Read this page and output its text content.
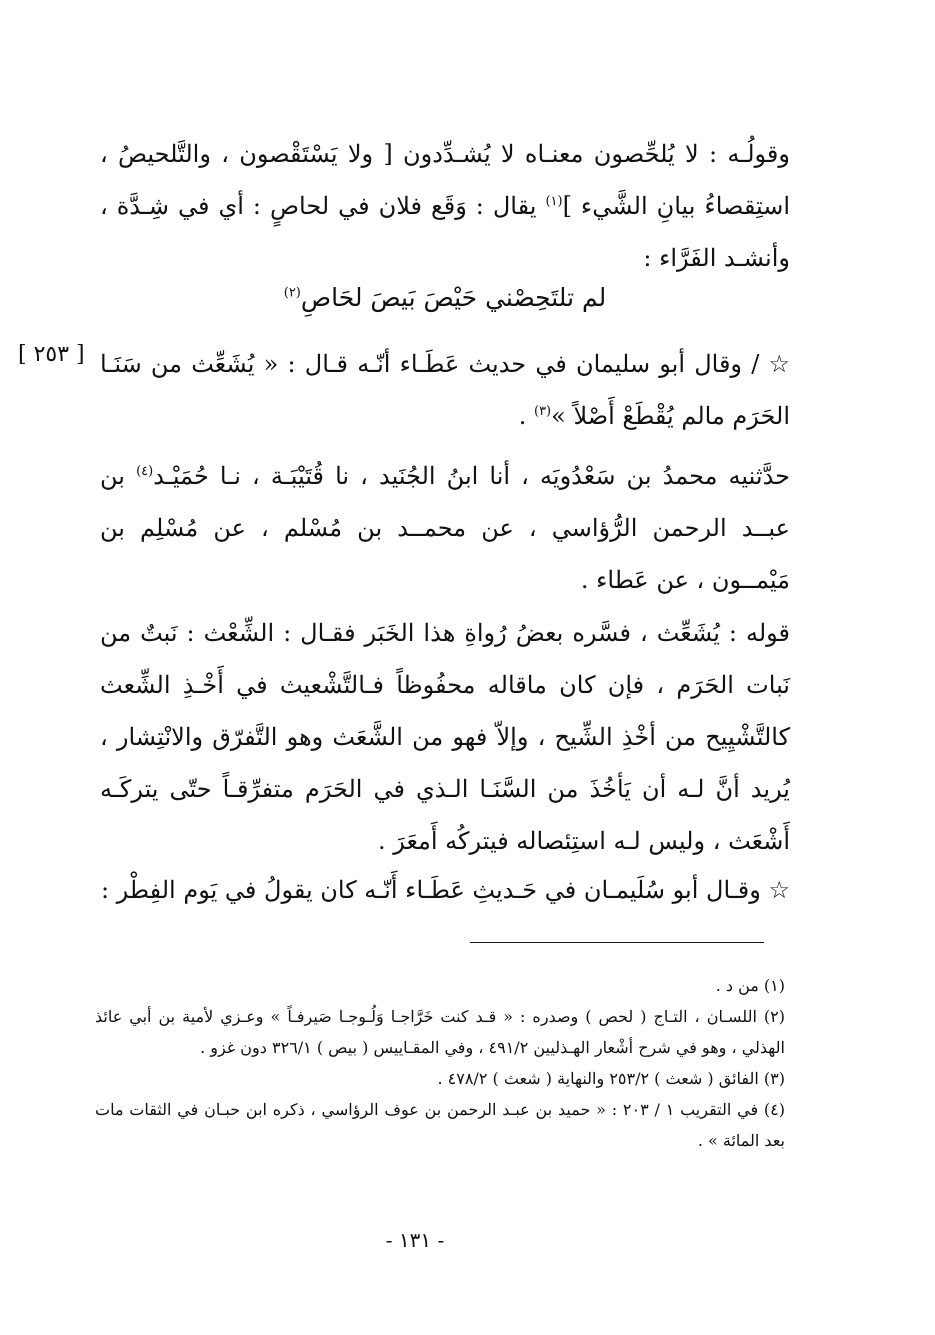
وقولُـه : لا يُلحِّصون معنـاه لا يُشـدِّدون [ ولا يَسْتَقْصون ، والتَّلحيصُ ، استِقصاءُ بيانِ الشَّيء ]$^{(١)}$ يقال : وَقَع فلان في لحاصٍ : أي في شِـدَّة ، وأنشـد الفَرَّاء :

لم تلتَحِصْني حَيْصَ بَيصَ لحَاصِ$^{(٢)}$
[ ٢٥٣ ] ☆ / وقال أبو سليمان في حديث عَطَـاء أنّـه قـال : « يُشَعِّث من سَنَـا الحَرَم مالم يُقْطَعْ أَصْلاً »$^{(٣)}$ .

حدَّثنيه محمدُ بن سَعْدُويَه ، أنا ابنُ الجُنَيد ، نا قُتَيْبَـة ، نـا حُمَيْـد$^{(٤)}$ بن عبــد الرحمن الرُّؤاسي ، عن محمــد بن مُسْلم ، عن مُسْلِم بن مَيْمــون ، عن عَطاء .

قوله : يُشَعِّث ، فسَّره بعضُ رُواةِ هذا الخَبَر فقـال : الشِّعْث : نَبتٌ من نَبات الحَرَم ، فإن كان ماقاله محفُوظاً فـالتَّشْعيث في أَخْـذِ الشِّعث كالتَّشْيِيح من أخْذِ الشِّيح ، وإلاّ فهو من الشَّعَث وهو التَّفرّق والانْتِشار ، يُريد أنَّ لـه أن يَأخُذَ من السَّنَـا الـذي في الحَرَم متفرِّقـاً حتّى يتركَـه أَشْعَث ، وليس لـه استِئصاله فيتركُه أَمعَرَ .

☆ وقـال أبو سُلَيمـان في حَـديثِ عَطَـاء أَنّـه كان يقولُ في يَوم الفِطْر :

(١) من د .

(٢) اللسـان ، التـاج ( لحص ) وصدره : « قـد كنت خَرَّاجـا وَلُـوجـا صَيرفـاً » وعـزي لأمية بن أبي عائذ الهذلي ، وهو في شرح أشْعار الهـذليين ٤٩١/٢ ، وفي المقـاييس ( بيص ) ٣٢٦/١ دون غزو .

(٣) الفائق ( شعث ) ٢٥٣/٢ والنهاية ( شعث ) ٤٧٨/٢ .

(٤) في التقريب ١ / ٢٠٣ : « حميد بن عبـد الرحمن بن عوف الرؤاسي ، ذكره ابن حبـان في الثقات مات بعد المائة » .

- ١٣١ -
